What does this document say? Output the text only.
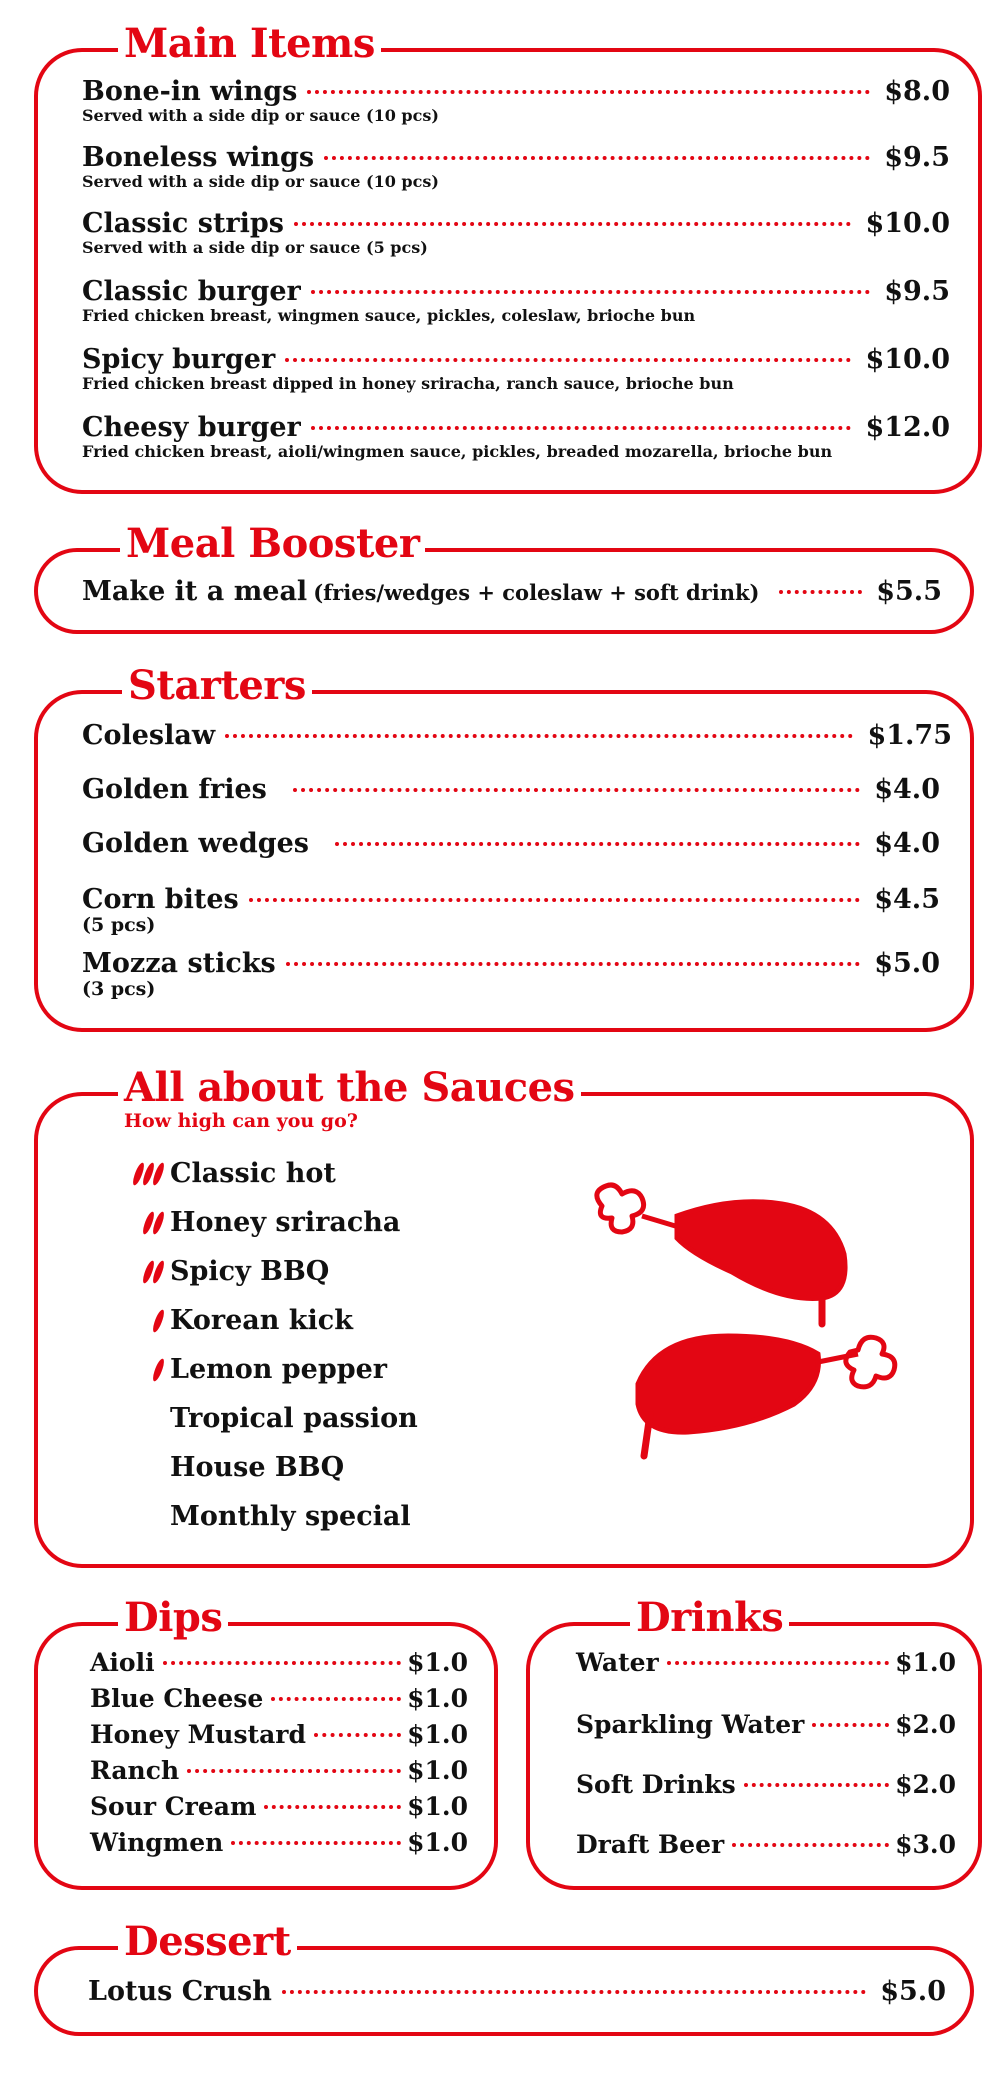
Main Items
Bone-in wings	$8.0
Served with a side dip or sauce (10 pcs)
Boneless wings	$9.5
Served with a side dip or sauce (10 pcs)
Classic strips	$10.0
Served with a side dip or sauce (5 pcs)
Classic burger	$9.5
Fried chicken breast, wingmen sauce, pickles, coleslaw, brioche bun
Spicy burger	$10.0
Fried chicken breast dipped in honey sriracha, ranch sauce, brioche bun
Cheesy burger	$12.0
Fried chicken breast, aioli/wingmen sauce, pickles, breaded mozarella, brioche bun
Meal Booster
Make it a meal (fries/wedges + coleslaw + soft drink)	$5.5
Starters
Coleslaw	$1.75
Golden fries	$4.0
Golden wedges	$4.0
Corn bites	$4.5
(5 pcs)
Mozza sticks	$5.0
(3 pcs)
All about the Sauces
How high can you go?
Classic hot
Honey sriracha
Spicy BBQ
Korean kick
Lemon pepper
Tropical passion
House BBQ
Monthly special
Dips
Aioli	$1.0
Blue Cheese	$1.0
Honey Mustard	$1.0
Ranch	$1.0
Sour Cream	$1.0
Wingmen	$1.0
Drinks
Water	$1.0
Sparkling Water	$2.0
Soft Drinks	$2.0
Draft Beer	$3.0
Dessert
Lotus Crush	$5.0
